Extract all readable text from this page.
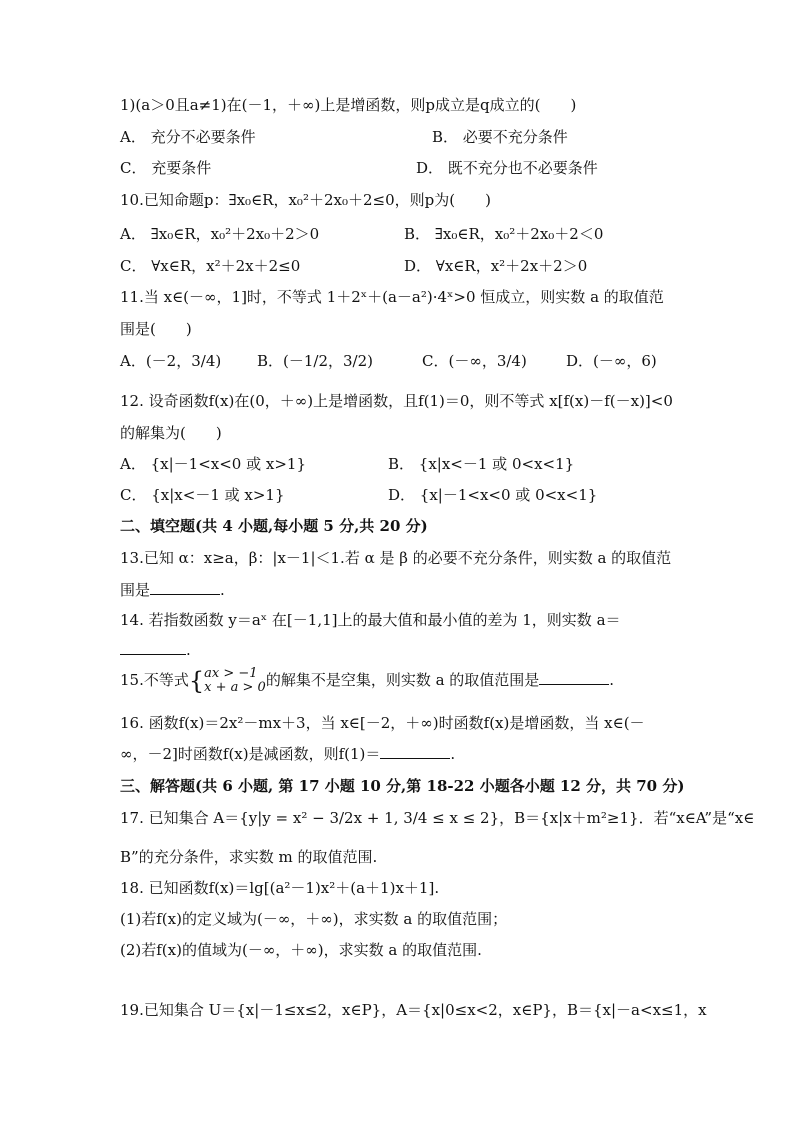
1)(a＞0且a≠1)在(－1，＋∞)上是增函数，则p成立是q成立的(　　)
A． 充分不必要条件	B． 必要不充分条件
C． 充要条件	D． 既不充分也不必要条件
10.已知命题p：∃x₀∈R，x₀²＋2x₀＋2≤0，则p为(　　)
A． ∃x₀∈R，x₀²＋2x₀＋2＞0	B． ∃x₀∈R，x₀²＋2x₀＋2＜0
C． ∀x∈R，x²＋2x＋2≤0	D． ∀x∈R，x²＋2x＋2＞0
11.当 x∈(－∞，1]时，不等式 1＋2ˣ＋(a－a²)·4ˣ>0 恒成立，则实数 a 的取值范
围是(　　)
A．(－2，3/4) B．(－1/2，3/2)	C．(－∞，3/4)	D．(－∞，6)
12. 设奇函数f(x)在(0，＋∞)上是增函数，且f(1)＝0，则不等式 x[f(x)－f(－x)]<0
的解集为(　　)
A． {x|－1<x<0 或 x>1}	B． {x|x<－1 或 0<x<1}
C． {x|x<－1 或 x>1}	D． {x|－1<x<0 或 0<x<1}
二、填空题(共 4 小题,每小题 5 分,共 20 分)
13.已知 α：x≥a，β：|x－1|＜1.若 α 是 β 的必要不充分条件，则实数 a 的取值范
围是	.
14. 若指数函数 y＝aˣ 在[－1,1]上的最大值和最小值的差为 1，则实数 a＝
.
15.不等式{ ax > −1
x + a > 0 的解集不是空集，则实数 a 的取值范围是	.
16. 函数f(x)＝2x²－mx＋3，当 x∈[－2，＋∞)时函数f(x)是增函数，当 x∈(－
∞，－2]时函数f(x)是减函数，则f(1)＝	.
三、解答题(共 6 小题, 第 17 小题 10 分,第 18-22 小题各小题 12 分，共 70 分)
17. 已知集合 A＝{y|y = x² − 3/2x + 1, 3/4 ≤ x ≤ 2}，B＝{x|x＋m²≥1}．若“x∈A”是“x∈
B”的充分条件，求实数 m 的取值范围.
18. 已知函数f(x)＝lg[(a²－1)x²＋(a＋1)x＋1].
(1)若f(x)的定义域为(－∞，＋∞)，求实数 a 的取值范围；
(2)若f(x)的值域为(－∞，＋∞)，求实数 a 的取值范围.
19.已知集合 U＝{x|－1≤x≤2，x∈P}，A＝{x|0≤x<2，x∈P}，B＝{x|－a<x≤1，x
